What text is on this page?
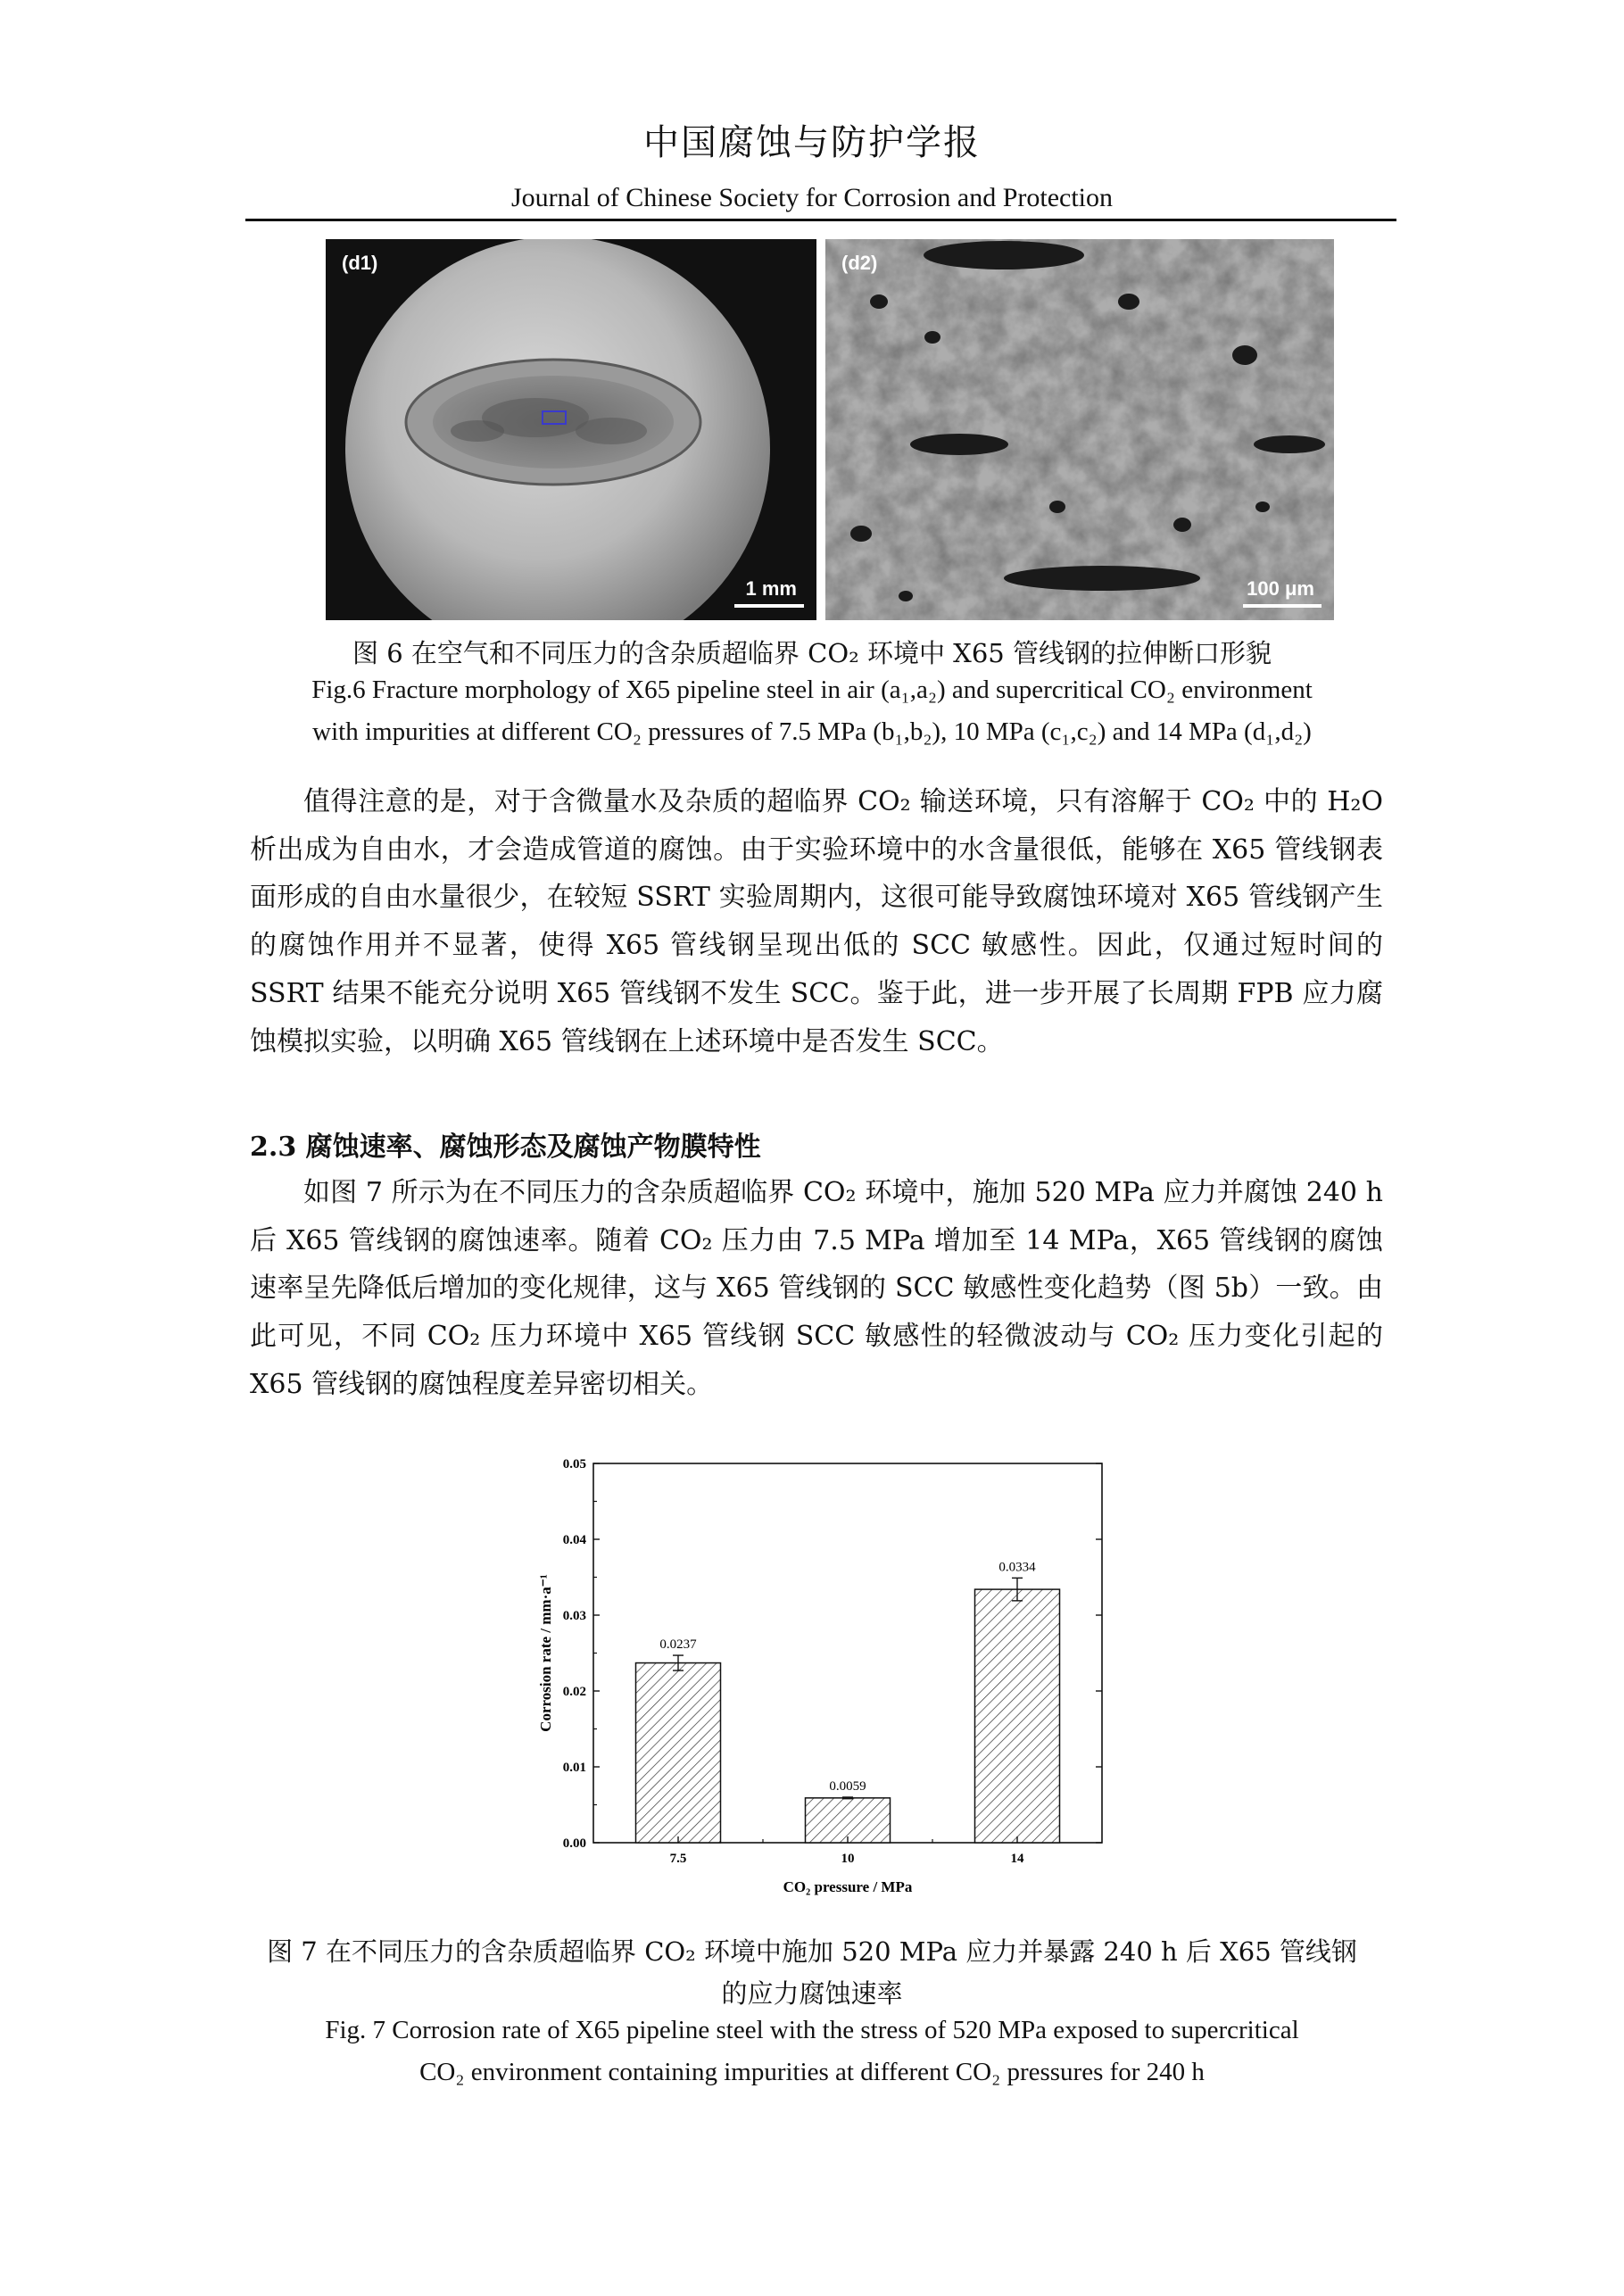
中国腐蚀与防护学报
Journal of Chinese Society for Corrosion and Protection
(d1)
1 mm
(d2)
100 μm
图 6 在空气和不同压力的含杂质超临界 CO₂ 环境中 X65 管线钢的拉伸断口形貌
Fig.6 Fracture morphology of X65 pipeline steel in air (a₁,a₂) and supercritical CO₂ environment
with impurities at different CO₂ pressures of 7.5 MPa (b₁,b₂), 10 MPa (c₁,c₂) and 14 MPa (d₁,d₂)

值得注意的是，对于含微量水及杂质的超临界 CO₂ 输送环境，只有溶解于 CO₂ 中的 H₂O 析出成为自由水，才会造成管道的腐蚀。由于实验环境中的水含量很低，能够在 X65 管线钢表面形成的自由水量很少，在较短 SSRT 实验周期内，这很可能导致腐蚀环境对 X65 管线钢产生的腐蚀作用并不显著，使得 X65 管线钢呈现出低的 SCC 敏感性。因此，仅通过短时间的 SSRT 结果不能充分说明 X65 管线钢不发生 SCC。鉴于此，进一步开展了长周期 FPB 应力腐蚀模拟实验，以明确 X65 管线钢在上述环境中是否发生 SCC。

2.3 腐蚀速率、腐蚀形态及腐蚀产物膜特性

如图 7 所示为在不同压力的含杂质超临界 CO₂ 环境中，施加 520 MPa 应力并腐蚀 240 h 后 X65 管线钢的腐蚀速率。随着 CO₂ 压力由 7.5 MPa 增加至 14 MPa，X65 管线钢的腐蚀速率呈先降低后增加的变化规律，这与 X65 管线钢的 SCC 敏感性变化趋势（图 5b）一致。由此可见，不同 CO₂ 压力环境中 X65 管线钢 SCC 敏感性的轻微波动与 CO₂ 压力变化引起的 X65 管线钢的腐蚀程度差异密切相关。

0.00
0.01
0.02
0.03
0.04
0.05
0.0237
7.5
0.0059
10
0.0334
14
Corrosion rate / mm·a⁻¹
CO₂ pressure / MPa
图 7 在不同压力的含杂质超临界 CO₂ 环境中施加 520 MPa 应力并暴露 240 h 后 X65 管线钢
的应力腐蚀速率
Fig. 7 Corrosion rate of X65 pipeline steel with the stress of 520 MPa exposed to supercritical
CO₂ environment containing impurities at different CO₂ pressures for 240 h
